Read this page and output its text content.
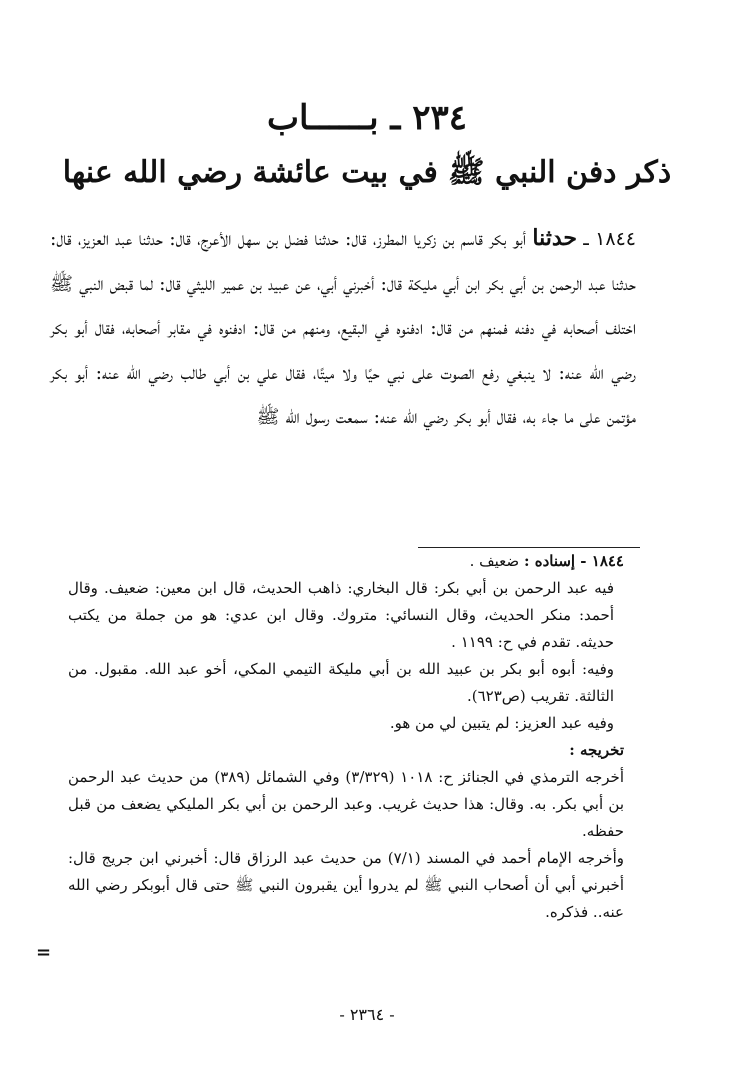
٢٣٤ ـ بــــــاب
ذكر دفن النبي ﷺ في بيت عائشة رضي الله عنها
١٨٤٤ ـ حدثنا أبو بكر قاسم بن زكريا المطرز، قال: حدثنا فضل بن سهل الأعرج، قال: حدثنا عبد العزيز، قال: حدثنا عبد الرحمن بن أبي بكر ابن أبي مليكة قال: أخبرني أبي، عن عبيد بن عمير الليثي قال: لما قبض النبي ﷺ اختلف أصحابه في دفنه فمنهم من قال: ادفنوه في البقيع، ومنهم من قال: ادفنوه في مقابر أصحابه، فقال أبو بكر رضي الله عنه: لا ينبغي رفع الصوت على نبي حيًا ولا ميتًا، فقال علي بن أبي طالب رضي الله عنه: أبو بكر مؤتمن على ما جاء به، فقال أبو بكر رضي الله عنه: سمعت رسول الله ﷺ

١٨٤٤ - إسناده : ضعيف .

فيه عبد الرحمن بن أبي بكر: قال البخاري: ذاهب الحديث، قال ابن معين: ضعيف. وقال أحمد: منكر الحديث، وقال النسائي: متروك. وقال ابن عدي: هو من جملة من يكتب حديثه. تقدم في ح: ١١٩٩ .

وفيه: أبوه أبو بكر بن عبيد الله بن أبي مليكة التيمي المكي، أخو عبد الله. مقبول. من الثالثة. تقريب (ص٦٢٣).

وفيه عبد العزيز: لم يتبين لي من هو.

تخريجه :

أخرجه الترمذي في الجنائز ح: ١٠١٨ (٣/٣٢٩) وفي الشمائل (٣٨٩) من حديث عبد الرحمن بن أبي بكر. به. وقال: هذا حديث غريب. وعبد الرحمن بن أبي بكر المليكي يضعف من قبل حفظه.

وأخرجه الإمام أحمد في المسند (٧/١) من حديث عبد الرزاق قال: أخبرني ابن جريج قال: أخبرني أبي أن أصحاب النبي ﷺ لم يدروا أين يقبرون النبي ﷺ حتى قال أبوبكر رضي الله عنه.. فذكره.

=
- ٢٣٦٤ -
